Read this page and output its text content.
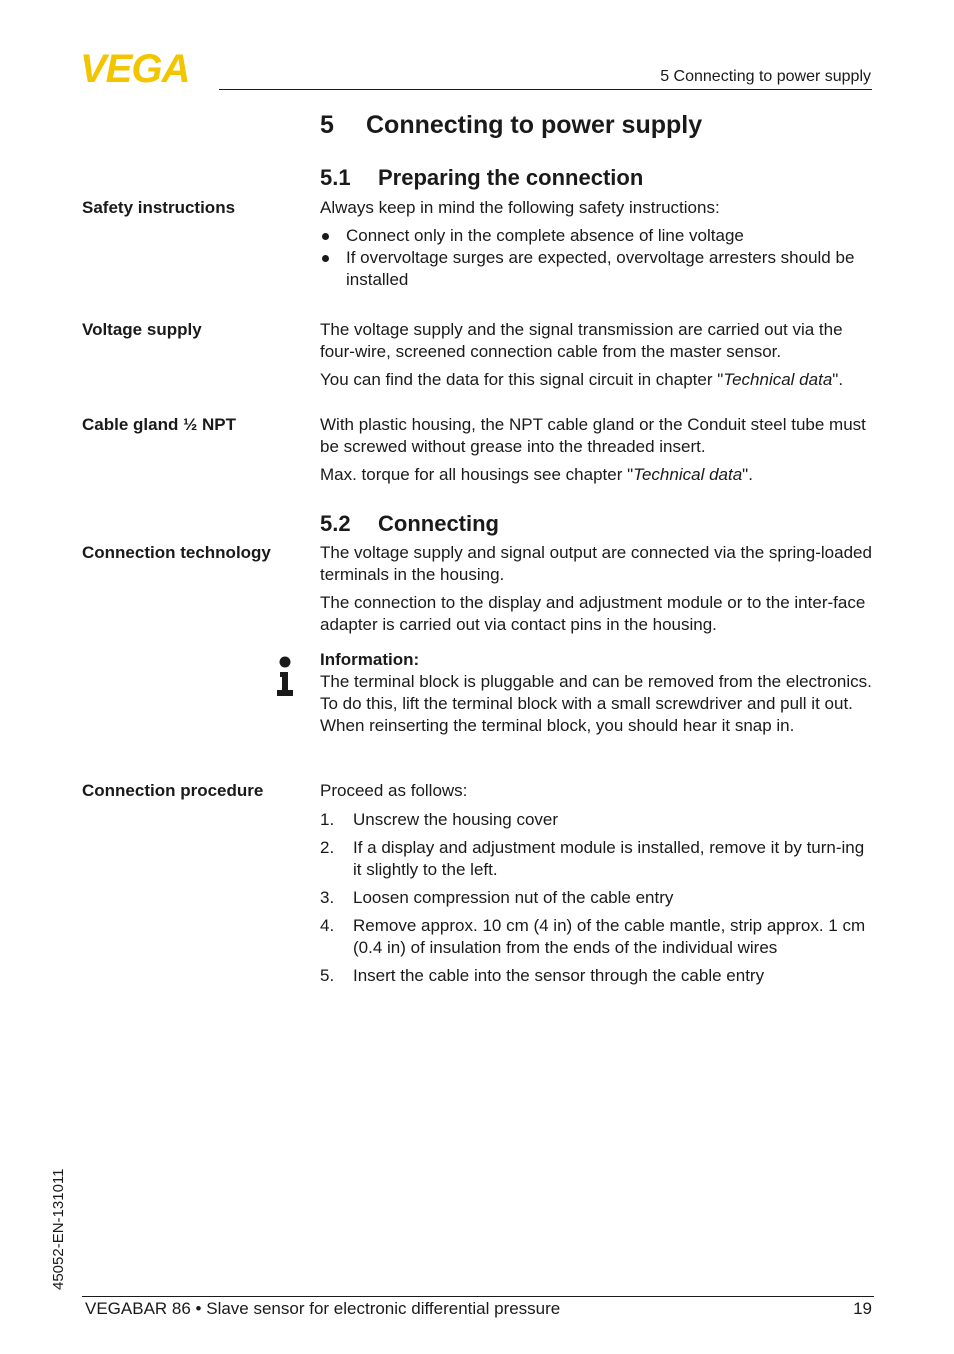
VEGA	5 Connecting to power supply
5 Connecting to power supply
5.1 Preparing the connection
Safety instructions	Always keep in mind the following safety instructions:

Connect only in the complete absence of line voltage
If overvoltage surges are expected, overvoltage arresters should be installed
Voltage supply	The voltage supply and the signal transmission are carried out via the four-wire, screened connection cable from the master sensor.

You can find the data for this signal circuit in chapter "Technical data".

Cable gland ½ NPT	With plastic housing, the NPT cable gland or the Conduit steel tube must be screwed without grease into the threaded insert.

Max. torque for all housings see chapter "Technical data".

5.2 Connecting
Connection technology	The voltage supply and signal output are connected via the spring-loaded terminals in the housing.

The connection to the display and adjustment module or to the inter-face adapter is carried out via contact pins in the housing.

Information:

The terminal block is pluggable and can be removed from the electronics. To do this, lift the terminal block with a small screwdriver and pull it out. When reinserting the terminal block, you should hear it snap in.

Connection procedure	Proceed as follows:

1. Unscrew the housing cover
2. If a display and adjustment module is installed, remove it by turn-ing it slightly to the left.
3. Loosen compression nut of the cable entry
4. Remove approx. 10 cm (4 in) of the cable mantle, strip approx. 1 cm (0.4 in) of insulation from the ends of the individual wires
5. Insert the cable into the sensor through the cable entry
45052-EN-131011
VEGABAR 86 • Slave sensor for electronic differential pressure	19
